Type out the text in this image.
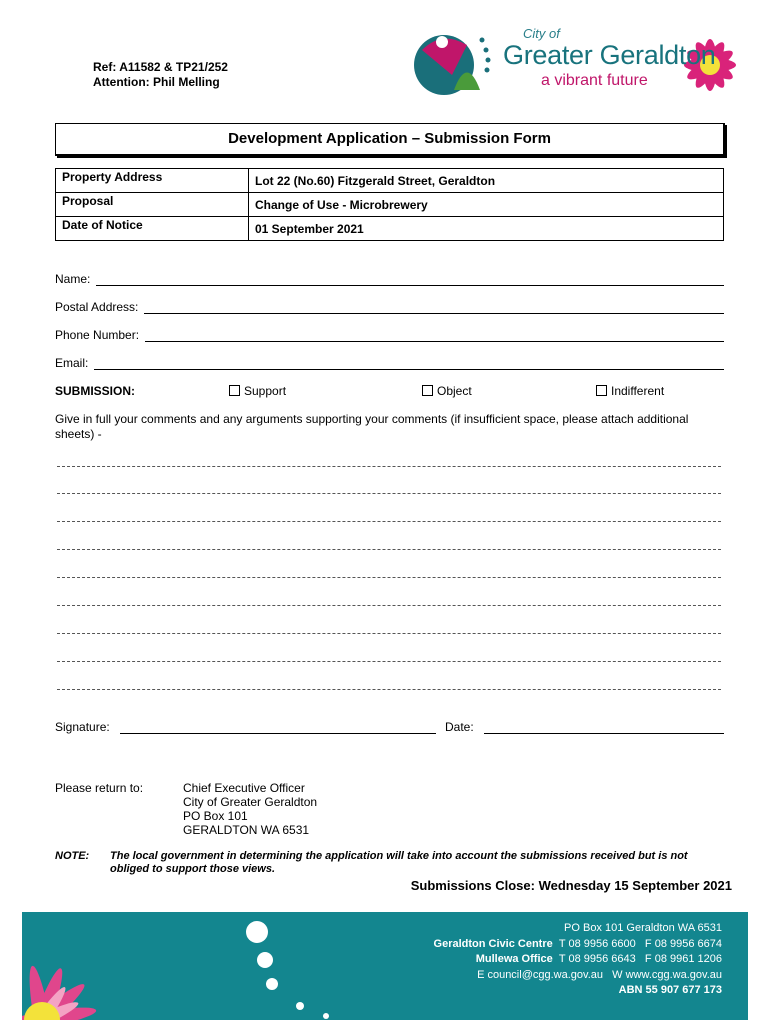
Ref: A11582 & TP21/252
Attention: Phil Melling
City of
Greater Geraldton
a vibrant future
Development Application – Submission Form
Property Address	Lot 22 (No.60) Fitzgerald Street, Geraldton
Proposal	Change of Use - Microbrewery
Date of Notice	01 September 2021
Name:
Postal Address:
Phone Number:
Email:
SUBMISSION:	Support	Object	Indifferent
Give in full your comments and any arguments supporting your comments (if insufficient space, please attach additional sheets) -
Signature:	Date:
Please return to:	Chief Executive Officer
City of Greater Geraldton
PO Box 101
GERALDTON WA 6531
NOTE: The local government in determining the application will take into account the submissions received but is not obliged to support those views.
Submissions Close: Wednesday 15 September 2021
PO Box 101 Geraldton WA 6531
Geraldton Civic Centre T 08 9956 6600 F 08 9956 6674
Mullewa Office T 08 9956 6643 F 08 9961 1206
E council@cgg.wa.gov.au W www.cgg.wa.gov.au
ABN 55 907 677 173
